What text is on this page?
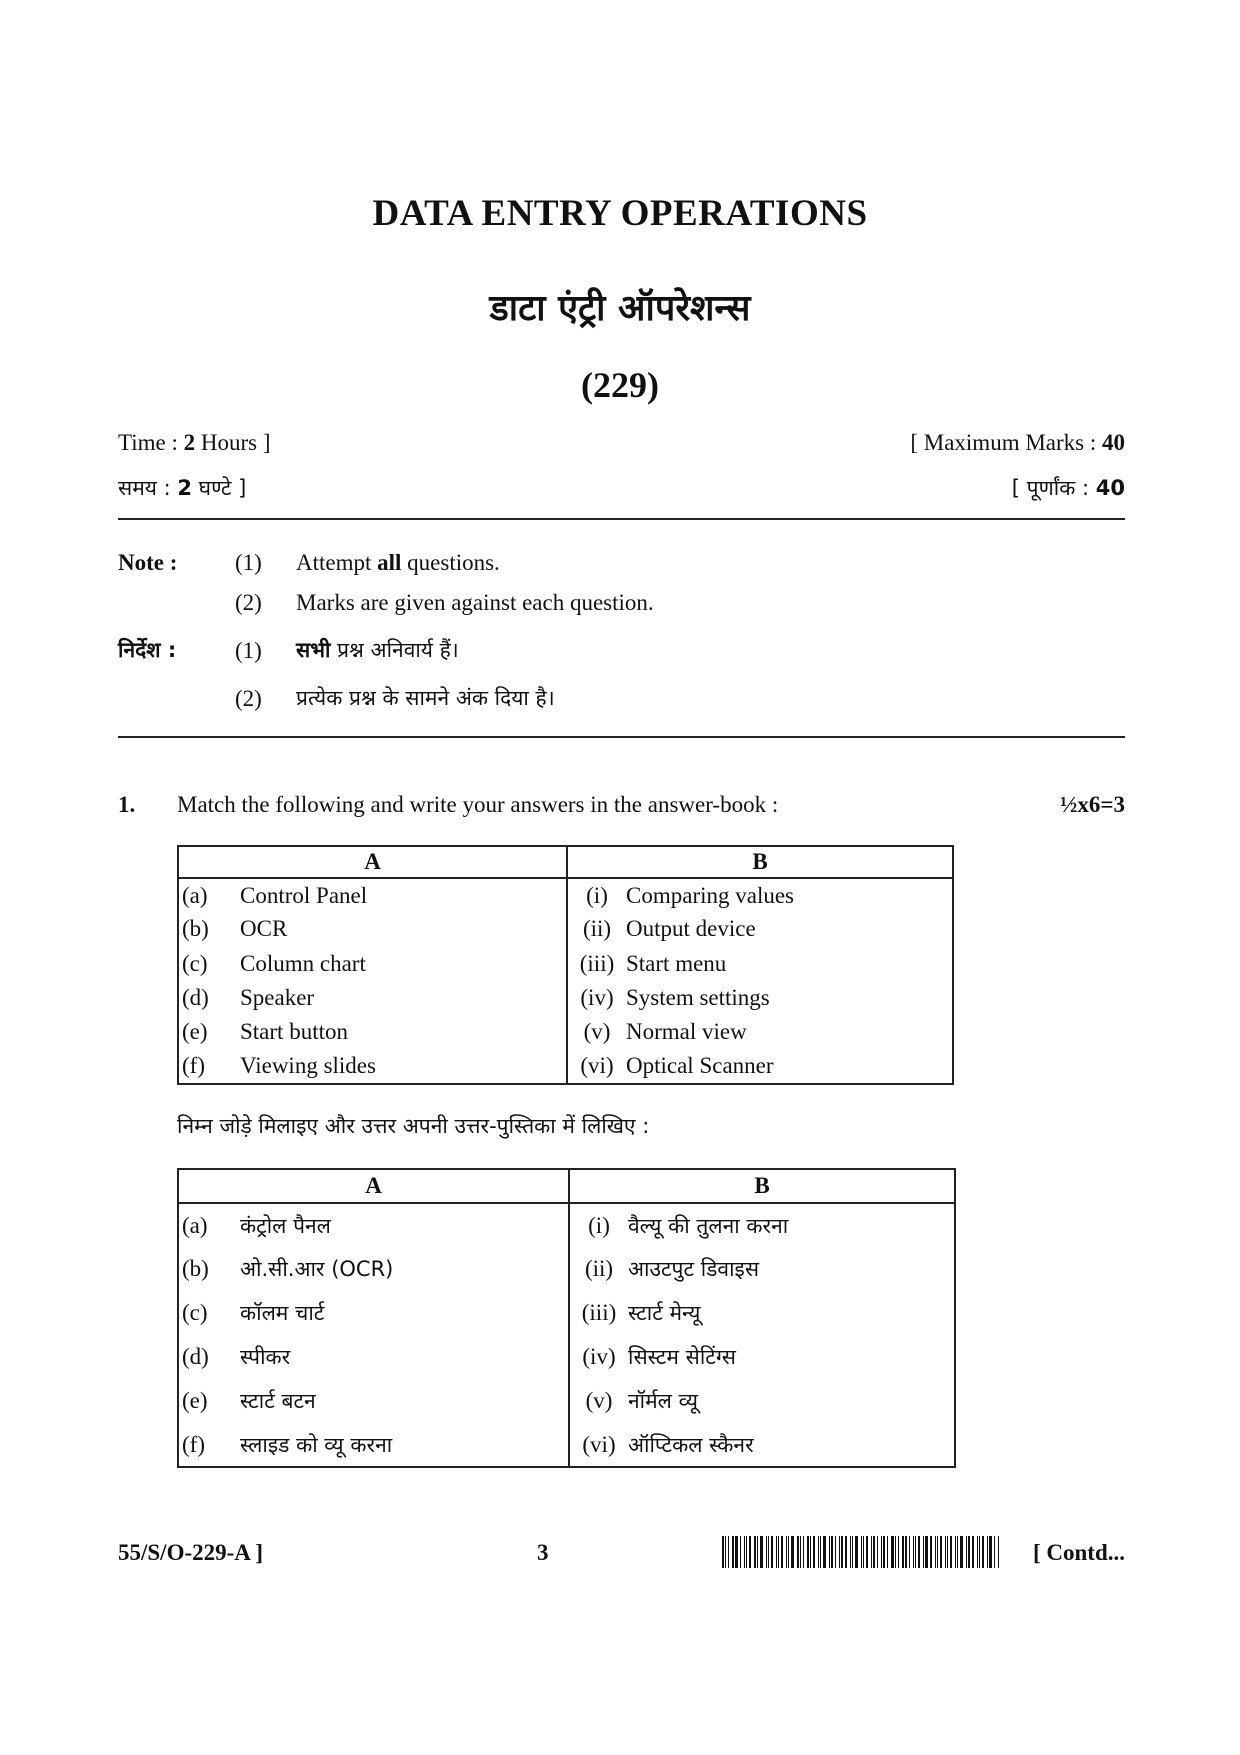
DATA ENTRY OPERATIONS
डाटा एंट्री ऑपरेशन्स
(229)
Time : 2 Hours ]	[ Maximum Marks : 40
समय : 2 घण्टे ]	[ पूर्णांक : 40
Note :	(1) Attempt all questions.
(2) Marks are given against each question.
निर्देश :	(1) सभी प्रश्न अनिवार्य हैं।
(2) प्रत्येक प्रश्न के सामने अंक दिया है।
1. Match the following and write your answers in the answer-book :	½x6=3
A	B
(a) Control Panel	(i) Comparing values
(b) OCR	(ii) Output device
(c) Column chart	(iii) Start menu
(d) Speaker	(iv) System settings
(e) Start button	(v) Normal view
(f) Viewing slides	(vi) Optical Scanner
निम्न जोड़े मिलाइए और उत्तर अपनी उत्तर-पुस्तिका में लिखिए :
A	B
(a) कंट्रोल पैनल	(i) वैल्यू की तुलना करना
(b) ओ.सी.आर (OCR)	(ii) आउटपुट डिवाइस
(c) कॉलम चार्ट	(iii) स्टार्ट मेन्यू
(d) स्पीकर	(iv) सिस्टम सेटिंग्स
(e) स्टार्ट बटन	(v) नॉर्मल व्यू
(f) स्लाइड को व्यू करना	(vi) ऑप्टिकल स्कैनर
55/S/O-229-A ]	3	[ Contd...
